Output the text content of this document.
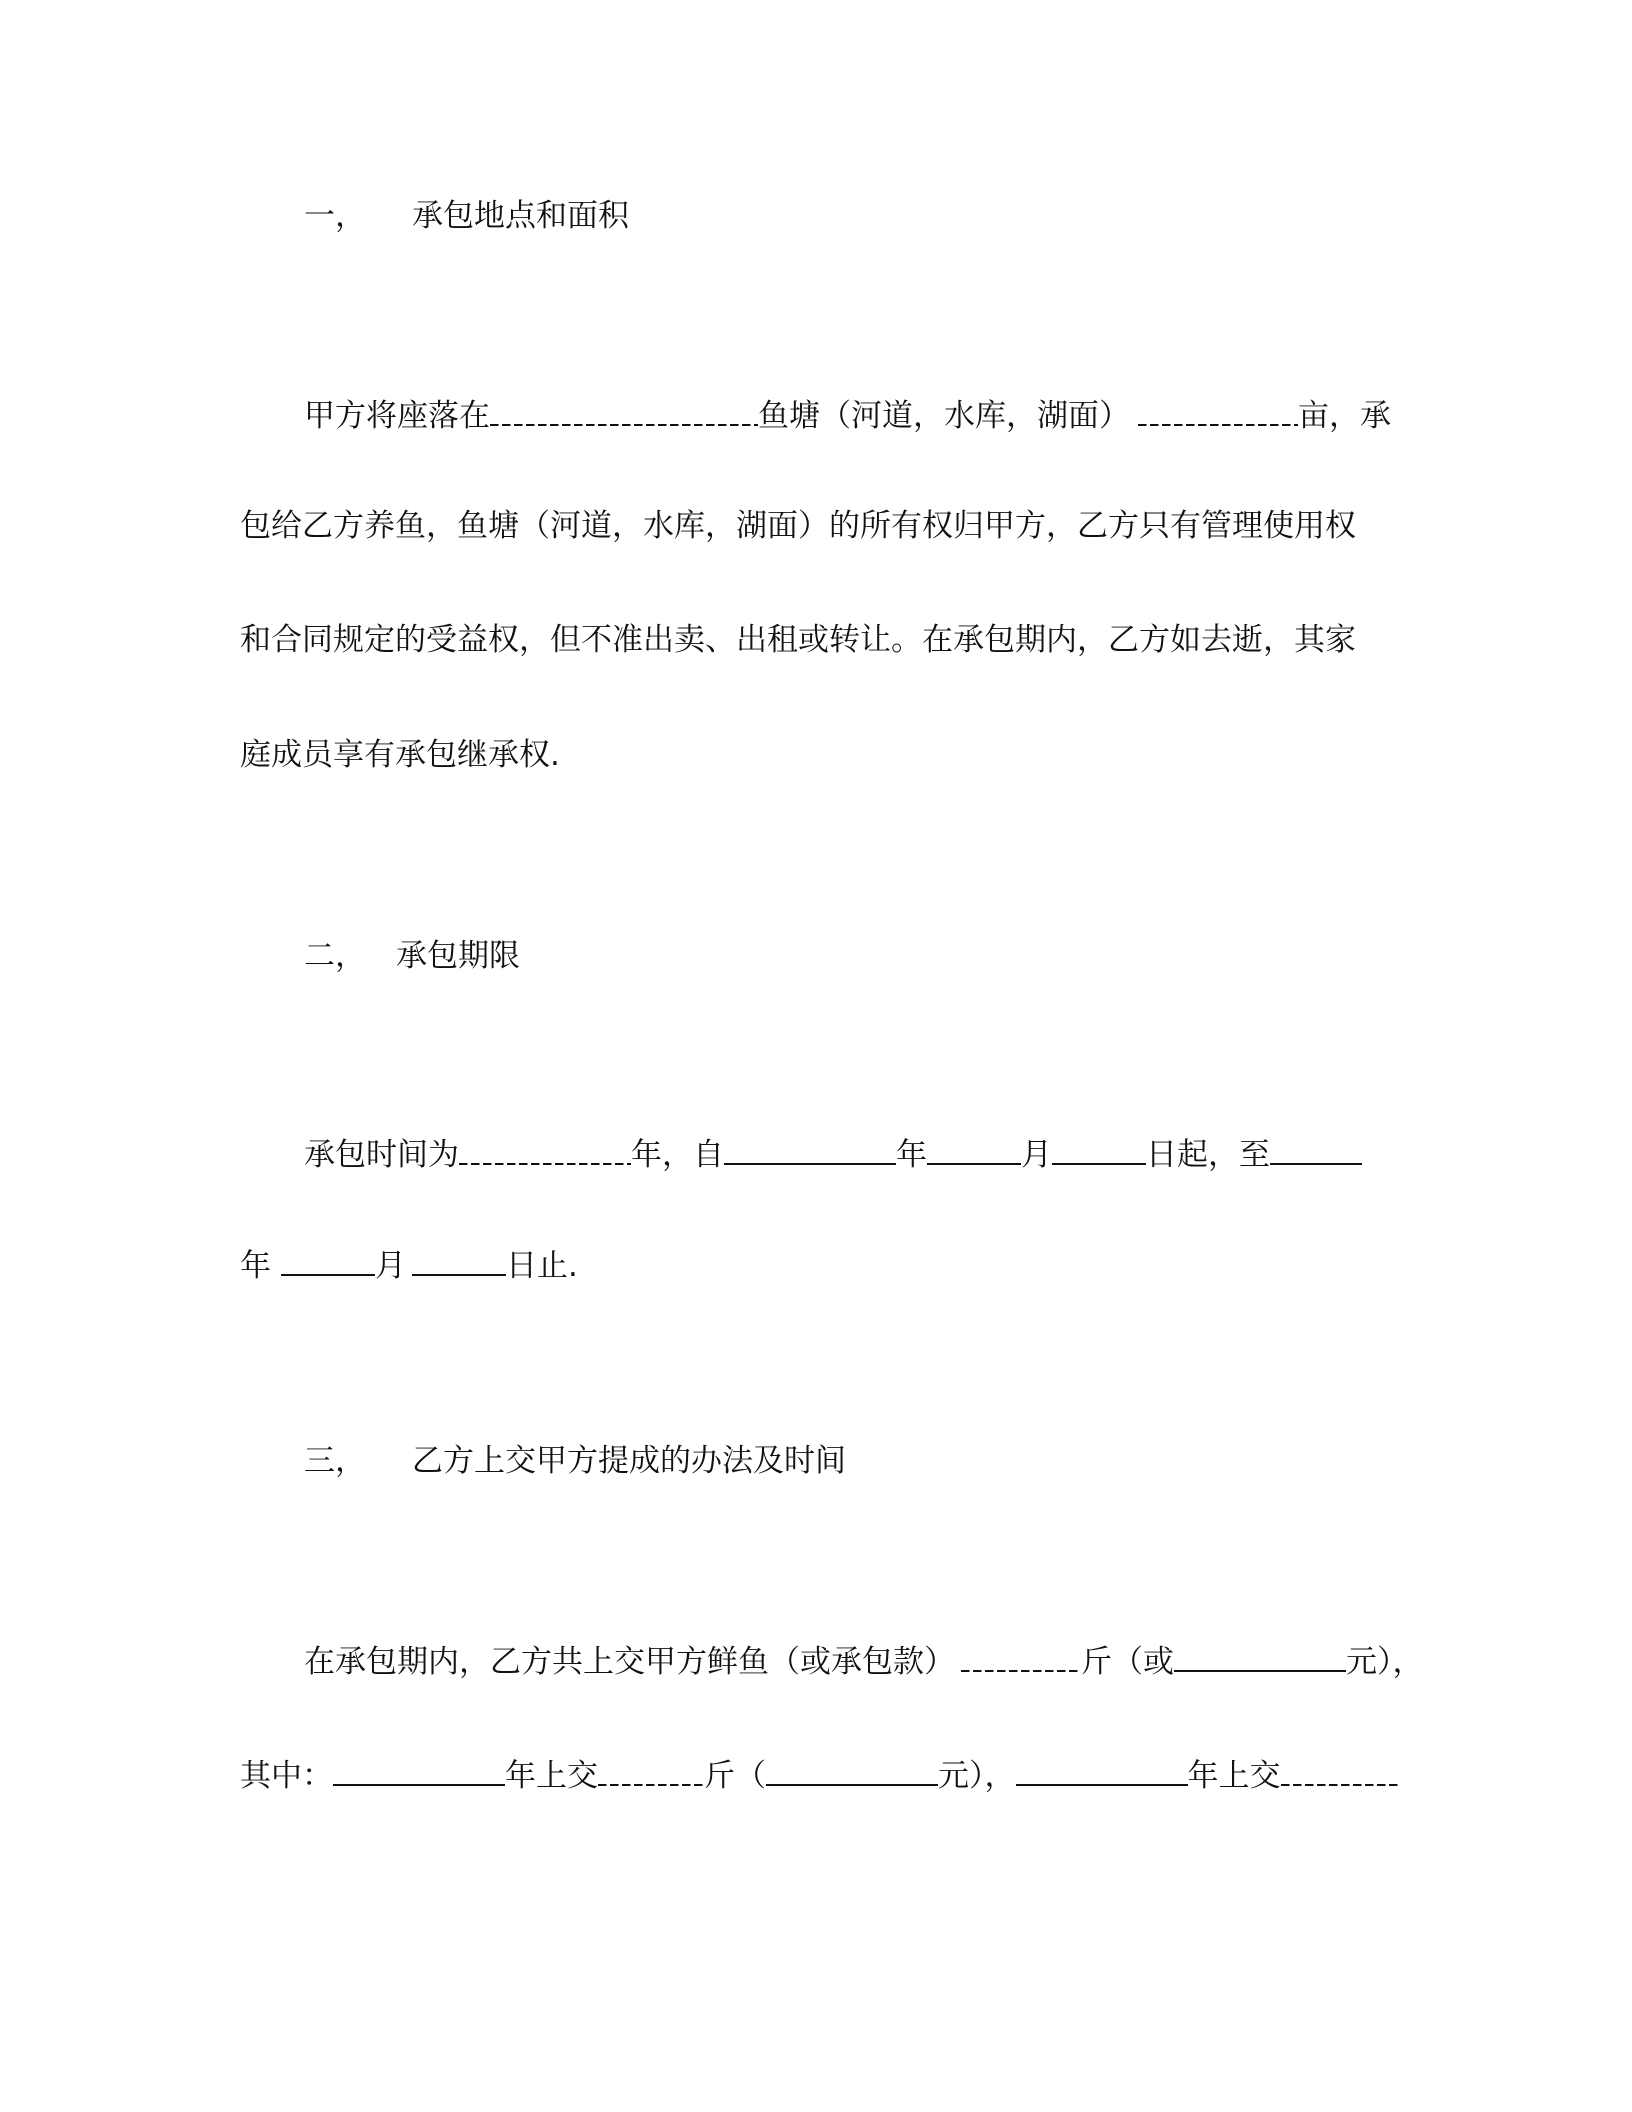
一， 承包地点和面积
甲方将座落在	鱼塘（河道，水库，湖面）	亩，承
包给乙方养鱼，鱼塘（河道，水库，湖面）的所有权归甲方，乙方只有管理使用权
和合同规定的受益权，但不准出卖、出租或转让。在承包期内，乙方如去逝，其家
庭成员享有承包继承权.
二， 承包期限
承包时间为	年，自	年	月	日起，至
年	月	日止.
三， 乙方上交甲方提成的办法及时间
在承包期内，乙方共上交甲方鲜鱼（或承包款）	斤（或	元），
其中：	年上交	斤（	元），	年上交
